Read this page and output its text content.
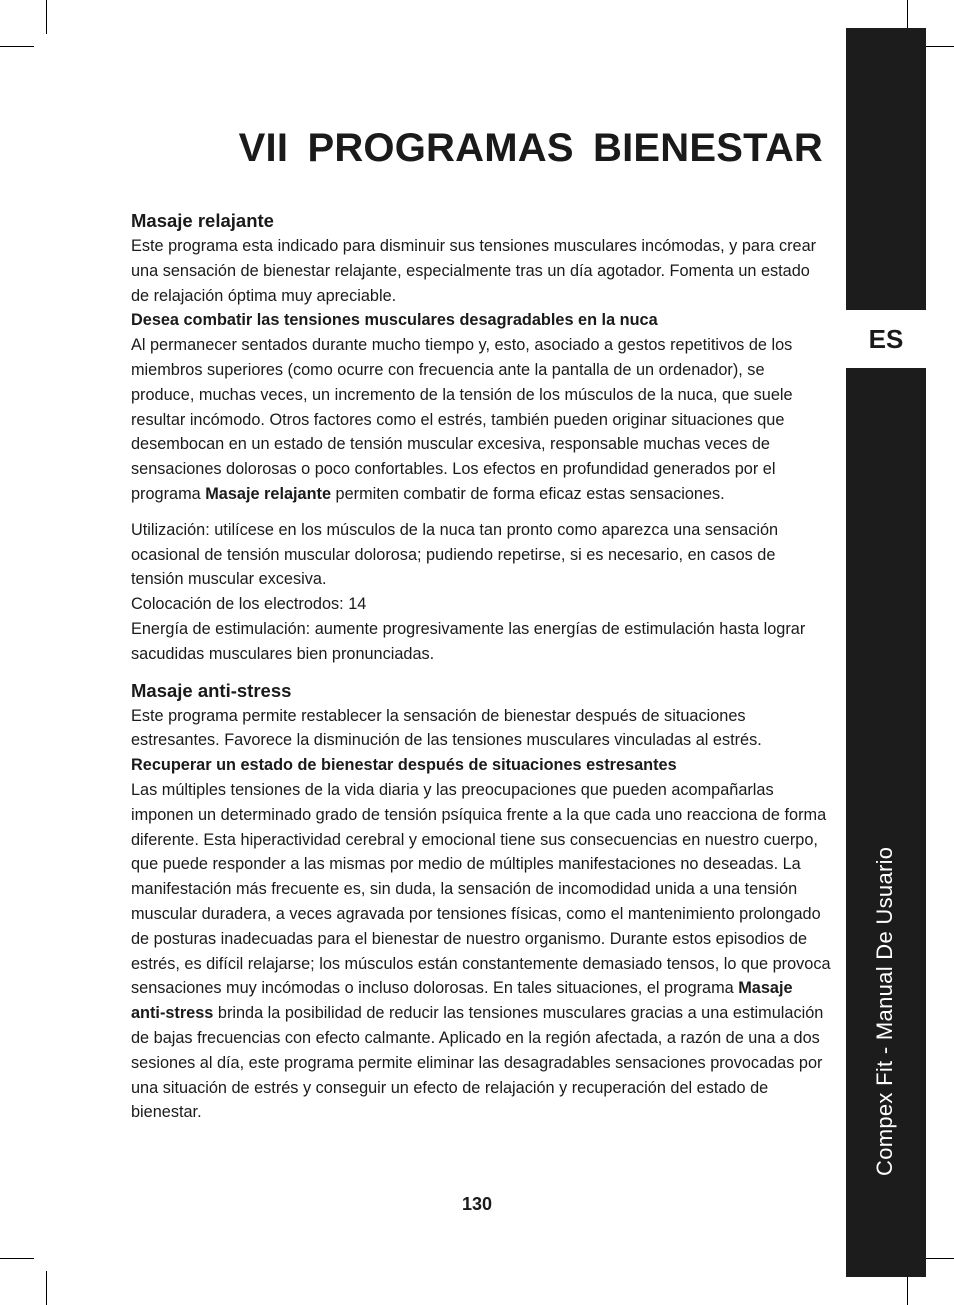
ES
Compex Fit - Manual De Usuario
VII PROGRAMAS BIENESTAR
Masaje relajante

Este programa esta indicado para disminuir sus tensiones musculares incómodas, y para crear una sensación de bienestar relajante, especialmente tras un día agotador. Fomenta un estado de relajación óptima muy apreciable.

Desea combatir las tensiones musculares desagradables en la nuca

Al permanecer sentados durante mucho tiempo y, esto, asociado a gestos repetitivos de los miembros superiores (como ocurre con frecuencia ante la pantalla de un ordenador), se produce, muchas veces, un incremento de la tensión de los músculos de la nuca, que suele resultar incómodo. Otros factores como el estrés, también pueden originar situaciones que desembocan en un estado de tensión muscular excesiva, responsable muchas veces de sensaciones dolorosas o poco confortables. Los efectos en profundidad generados por el programa Masaje relajante permiten combatir de forma eficaz estas sensaciones.

Utilización: utilícese en los músculos de la nuca tan pronto como aparezca una sensación ocasional de tensión muscular dolorosa; pudiendo repetirse, si es necesario, en casos de tensión muscular excesiva.

Colocación de los electrodos: 14

Energía de estimulación: aumente progresivamente las energías de estimulación hasta lograr sacudidas musculares bien pronunciadas.

Masaje anti-stress

Este programa permite restablecer la sensación de bienestar después de situaciones estresantes. Favorece la disminución de las tensiones musculares vinculadas al estrés.

Recuperar un estado de bienestar después de situaciones estresantes

Las múltiples tensiones de la vida diaria y las preocupaciones que pueden acompañarlas imponen un determinado grado de tensión psíquica frente a la que cada uno reacciona de forma diferente. Esta hiperactividad cerebral y emocional tiene sus consecuencias en nuestro cuerpo, que puede responder a las mismas por medio de múltiples manifestaciones no deseadas. La manifestación más frecuente es, sin duda, la sensación de incomodidad unida a una tensión muscular duradera, a veces agravada por tensiones físicas, como el mantenimiento prolongado de posturas inadecuadas para el bienestar de nuestro organismo. Durante estos episodios de estrés, es difícil relajarse; los músculos están constantemente demasiado tensos, lo que provoca sensaciones muy incómodas o incluso dolorosas. En tales situaciones, el programa Masaje anti-stress brinda la posibilidad de reducir las tensiones musculares gracias a una estimulación de bajas frecuencias con efecto calmante. Aplicado en la región afectada, a razón de una a dos sesiones al día, este programa permite eliminar las desagradables sensaciones provocadas por una situación de estrés y conseguir un efecto de relajación y recuperación del estado de bienestar.

130
